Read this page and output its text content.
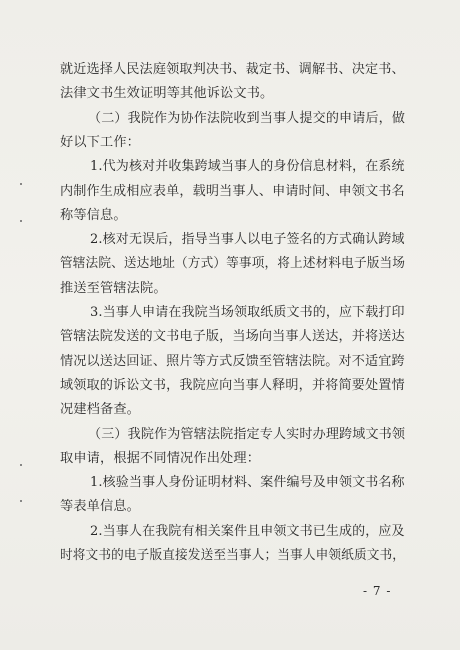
就近选择人民法庭领取判决书、裁定书、调解书、决定书、
法律文书生效证明等其他诉讼文书。
（二）我院作为协作法院收到当事人提交的申请后，做
好以下工作：
1.代为核对并收集跨域当事人的身份信息材料，在系统
内制作生成相应表单，载明当事人、申请时间、申领文书名
称等信息。
2.核对无误后，指导当事人以电子签名的方式确认跨域
管辖法院、送达地址（方式）等事项，将上述材料电子版当场
推送至管辖法院。
3.当事人申请在我院当场领取纸质文书的，应下载打印
管辖法院发送的文书电子版，当场向当事人送达，并将送达
情况以送达回证、照片等方式反馈至管辖法院。对不适宜跨
域领取的诉讼文书，我院应向当事人释明，并将简要处置情
况建档备查。
（三）我院作为管辖法院指定专人实时办理跨域文书领
取申请，根据不同情况作出处理：
1.核验当事人身份证明材料、案件编号及申领文书名称
等表单信息。
2.当事人在我院有相关案件且申领文书已生成的，应及
时将文书的电子版直接发送至当事人；当事人申领纸质文书，
- 7 -
